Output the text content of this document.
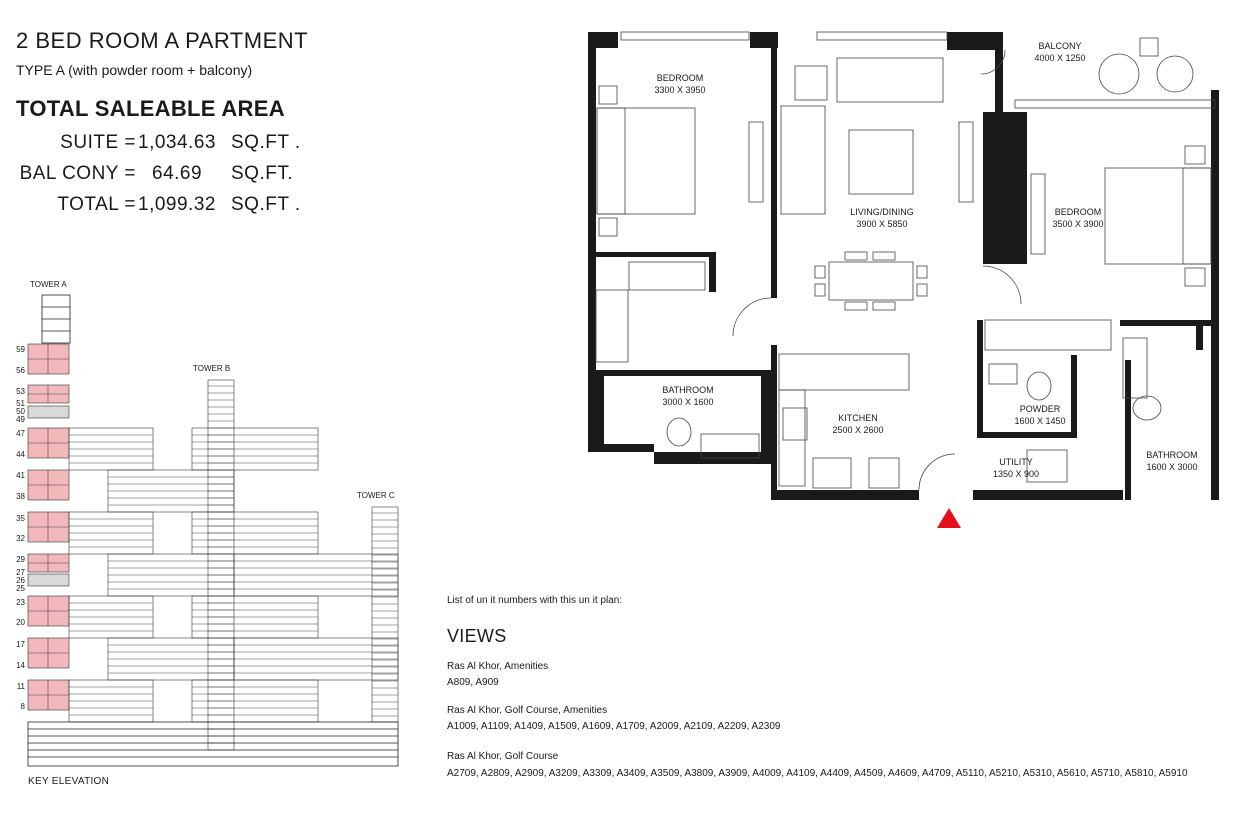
2 BED ROOM A PARTMENT
TYPE A (with powder room + balcony)
TOTAL SALEABLE AREA
SUITE = 1,034.63 SQ.FT .
BAL CONY = 64.69	SQ.FT.
TOTAL = 1,099.32 SQ.FT .
TOWER A
TOWER B
TOWER C
KEY ELEVATION
59
56
53
51
50
49
47
44
41
38
35
32
29
27
26
25
23
20
17
14
11
8
BEDROOM
3300 X 3950
BALCONY
4000 X 1250
LIVING/DINING
3900 X 5850
BEDROOM
3500 X 3900
BATHROOM
3000 X 1600
KITCHEN
2500 X 2600
POWDER
1600 X 1450
UTILITY
1350 X 900
BATHROOM
1600 X 3000
List of un it numbers with this un it plan:
VIEWS
Ras Al Khor, Amenities
A809, A909
Ras Al Khor, Golf Course, Amenities
A1009, A1109, A1409, A1509, A1609, A1709, A2009, A2109, A2209, A2309
Ras Al Khor, Golf Course
A2709, A2809, A2909, A3209, A3309, A3409, A3509, A3809, A3909, A4009, A4109, A4409, A4509, A4609, A4709, A5110, A5210, A5310, A5610, A5710, A5810, A5910
